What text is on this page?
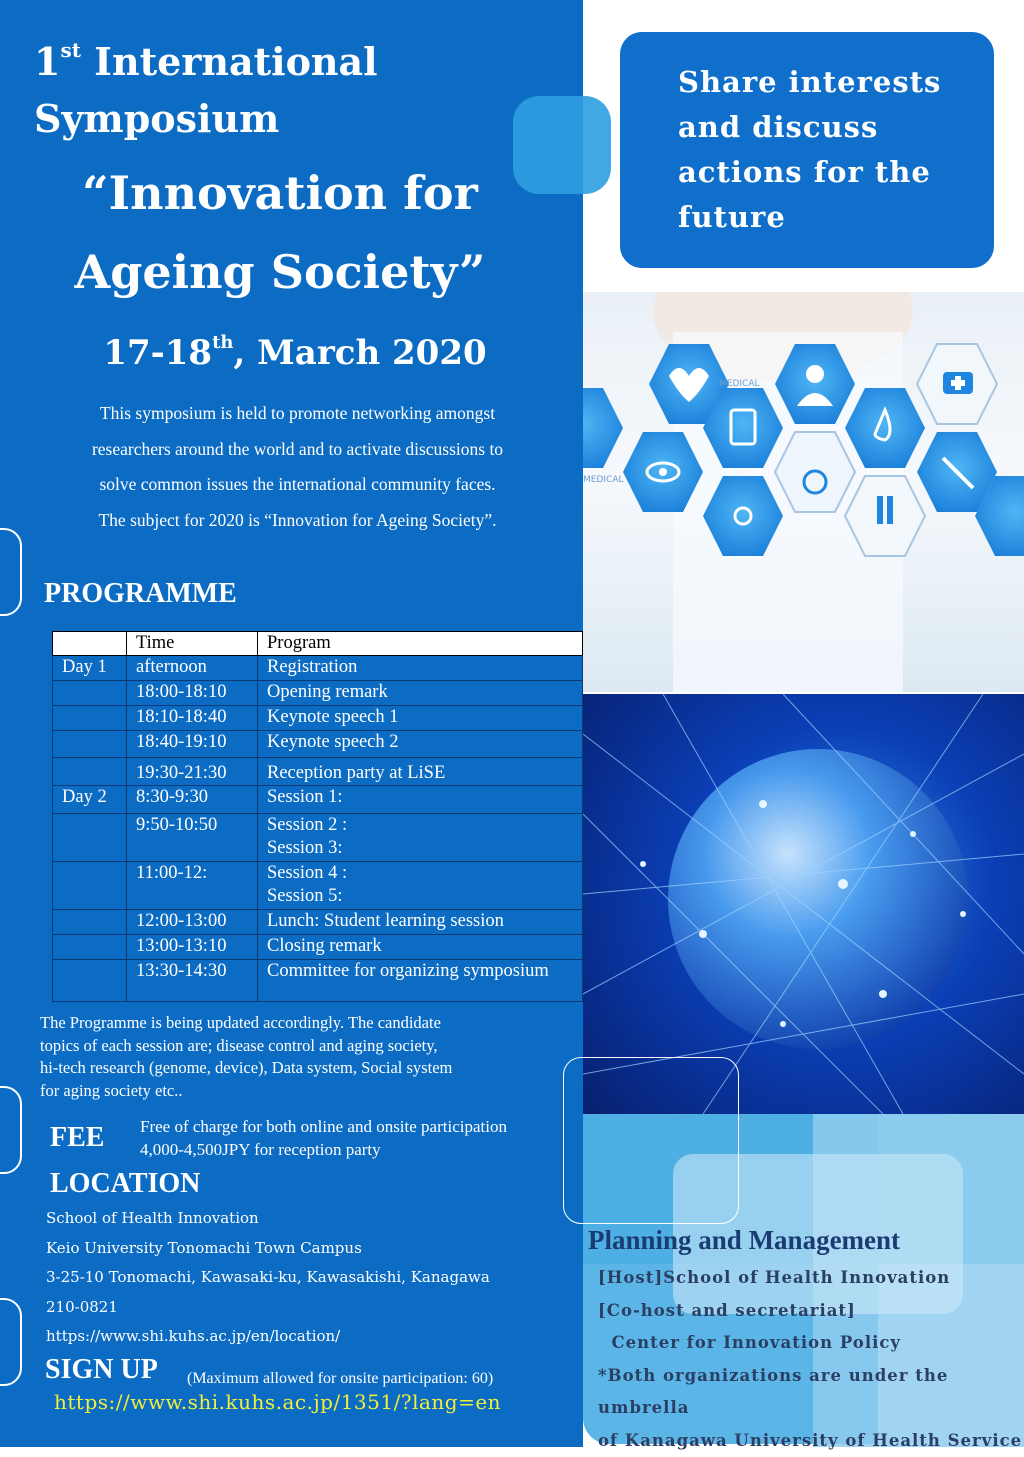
1st International
Symposium
“Innovation for
Ageing Society”
17-18th, March 2020
This symposium is held to promote networking amongst
researchers around the world and to activate discussions to
solve common issues the international community faces.
The subject for 2020 is “Innovation for Ageing Society”.
PROGRAMME
	Time	Program
Day 1	afternoon	Registration
	18:00-18:10	Opening remark
	18:10-18:40	Keynote speech 1
	18:40-19:10	Keynote speech 2
	19:30-21:30	Reception party at LiSE
Day 2	8:30-9:30	Session 1:
	9:50-10:50	Session 2 :
Session 3:

	11:00-12:	Session 4 :
Session 5:

	12:00-13:00	Lunch: Student learning session
	13:00-13:10	Closing remark
	13:30-14:30	Committee for organizing symposium
The Programme is being updated accordingly. The candidate
topics of each session are; disease control and aging society,
hi-tech research (genome, device), Data system, Social system
for aging society etc..
FEE Free of charge for both online and onsite participation
4,000-4,500JPY for reception party
LOCATION
School of Health Innovation
Keio University Tonomachi Town Campus
3-25-10 Tonomachi, Kawasaki-ku, Kawasakishi, Kanagawa
210-0821
https://www.shi.kuhs.ac.jp/en/location/
SIGN UP (Maximum allowed for onsite participation: 60)
https://www.shi.kuhs.ac.jp/1351/?lang=en
Share interests
and discuss
actions for the
future
MEDICAL
MEDICAL
Planning and Management
[Host]School of Health Innovation
[Co-host and secretariat]
Center for Innovation Policy
*Both organizations are under the umbrella
of Kanagawa University of Health Service
